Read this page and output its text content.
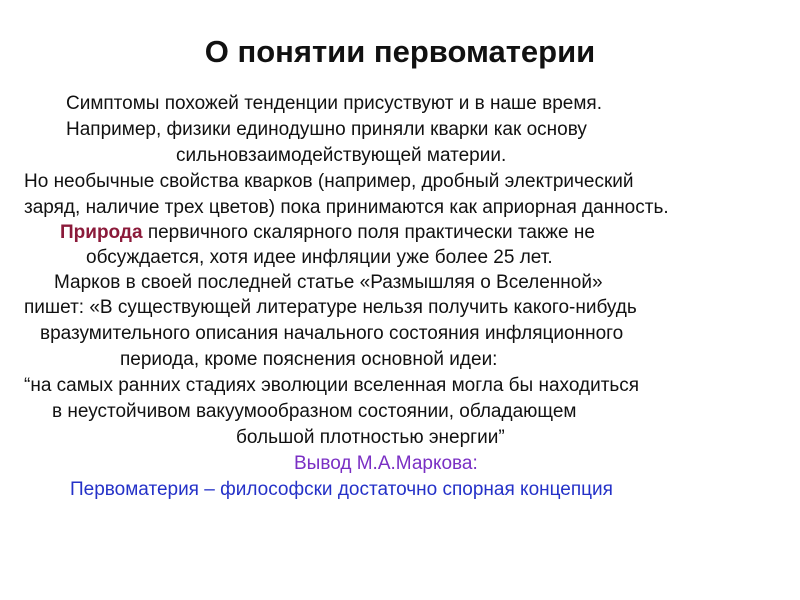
О понятии первоматерии
Симптомы похожей тенденции присуствуют и в наше время.
Например, физики единодушно приняли кварки как основу
сильновзаимодействующей материи.
Но необычные свойства кварков (например, дробный электрический
заряд, наличие трех цветов) пока принимаются как априорная данность.
Природа первичного скалярного поля практически также не
обсуждается, хотя идее инфляции уже более 25 лет.
Марков в своей последней статье «Размышляя о Вселенной»
пишет: «В существующей литературе нельзя получить какого-нибудь
вразумительного описания начального состояния инфляционного
периода, кроме пояснения основной идеи:
“на самых ранних стадиях эволюции вселенная могла бы находиться
в неустойчивом вакуумообразном состоянии, обладающем
большой плотностью энергии”
Вывод М.А.Маркова:
Первоматерия – философски достаточно спорная концепция
